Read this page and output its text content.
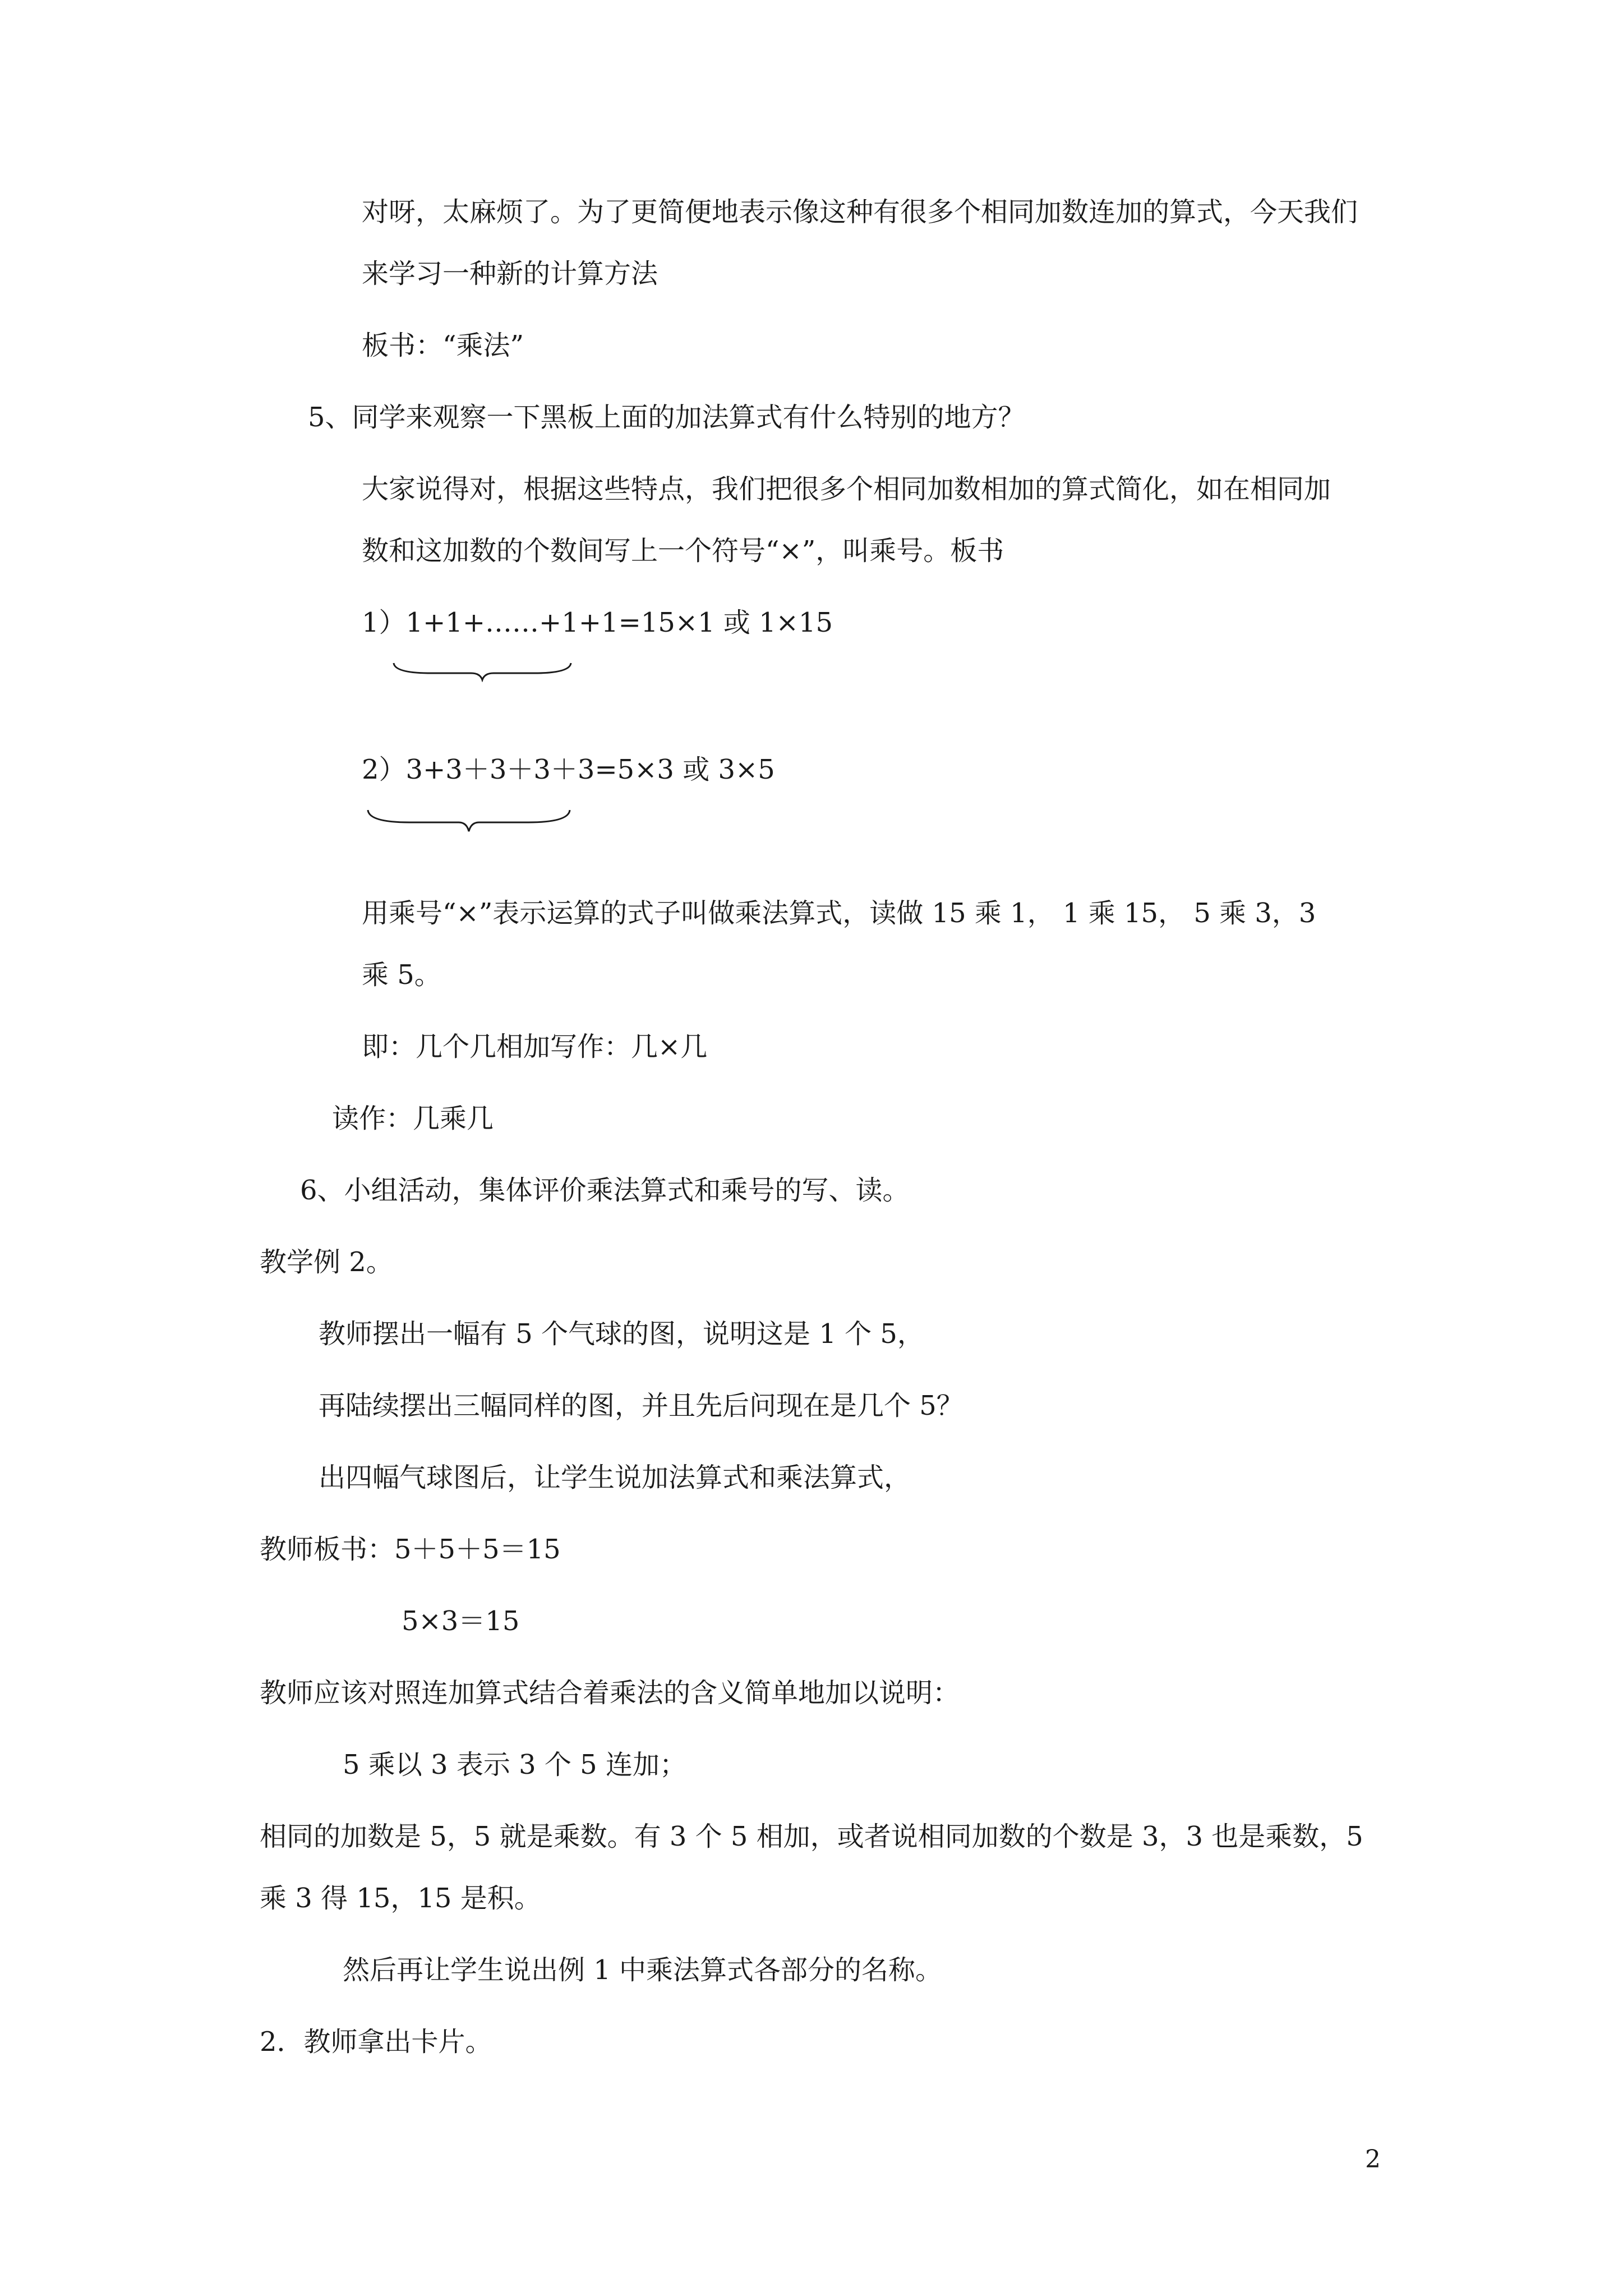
对呀，太麻烦了。为了更简便地表示像这种有很多个相同加数连加的算式，今天我们
来学习一种新的计算方法
板书：“乘法”
5、同学来观察一下黑板上面的加法算式有什么特别的地方？
大家说得对，根据这些特点，我们把很多个相同加数相加的算式简化，如在相同加
数和这加数的个数间写上一个符号“×”，叫乘号。板书
1）1+1+……+1+1=15×1 或 1×15
2）3+3＋3＋3＋3=5×3 或 3×5
用乘号“×”表示运算的式子叫做乘法算式，读做 15 乘 1， 1 乘 15， 5 乘 3，3
乘 5。
即：几个几相加写作：几×几
读作：几乘几
6、小组活动，集体评价乘法算式和乘号的写、读。
教学例 2。
教师摆出一幅有 5 个气球的图，说明这是 1 个 5，
再陆续摆出三幅同样的图，并且先后问现在是几个 5？
出四幅气球图后，让学生说加法算式和乘法算式，
教师板书：5＋5＋5＝15
5×3＝15
教师应该对照连加算式结合着乘法的含义简单地加以说明：
5 乘以 3 表示 3 个 5 连加；
相同的加数是 5，5 就是乘数。有 3 个 5 相加，或者说相同加数的个数是 3，3 也是乘数，5
乘 3 得 15，15 是积。
然后再让学生说出例 1 中乘法算式各部分的名称。
2．教师拿出卡片。
2
